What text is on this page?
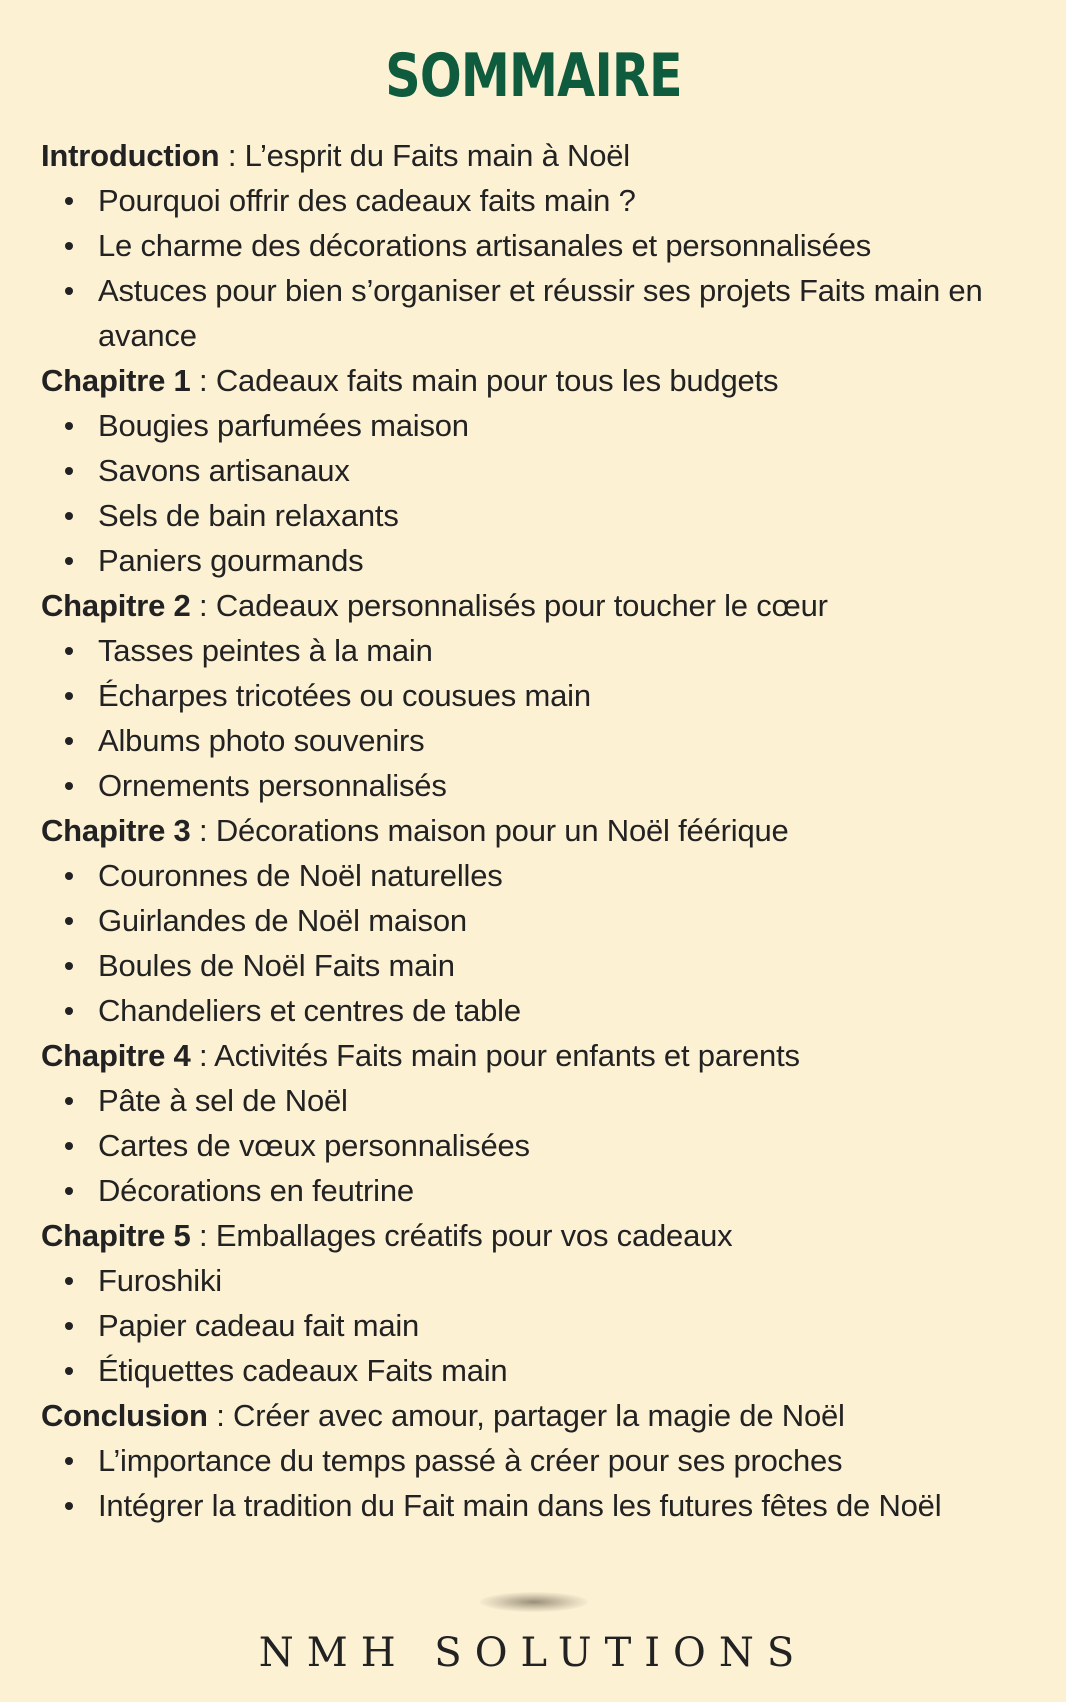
SOMMAIRE
Introduction : L’esprit du Faits main à Noël
Pourquoi offrir des cadeaux faits main ?
Le charme des décorations artisanales et personnalisées
Astuces pour bien s’organiser et réussir ses projets Faits main en avance
Chapitre 1 : Cadeaux faits main pour tous les budgets
Bougies parfumées maison
Savons artisanaux
Sels de bain relaxants
Paniers gourmands
Chapitre 2 : Cadeaux personnalisés pour toucher le cœur
Tasses peintes à la main
Écharpes tricotées ou cousues main
Albums photo souvenirs
Ornements personnalisés
Chapitre 3 : Décorations maison pour un Noël féérique
Couronnes de Noël naturelles
Guirlandes de Noël maison
Boules de Noël Faits main
Chandeliers et centres de table
Chapitre 4 : Activités Faits main pour enfants et parents
Pâte à sel de Noël
Cartes de vœux personnalisées
Décorations en feutrine
Chapitre 5 : Emballages créatifs pour vos cadeaux
Furoshiki
Papier cadeau fait main
Étiquettes cadeaux Faits main
Conclusion : Créer avec amour, partager la magie de Noël
L’importance du temps passé à créer pour ses proches
Intégrer la tradition du Fait main dans les futures fêtes de Noël
NMH SOLUTIONS
